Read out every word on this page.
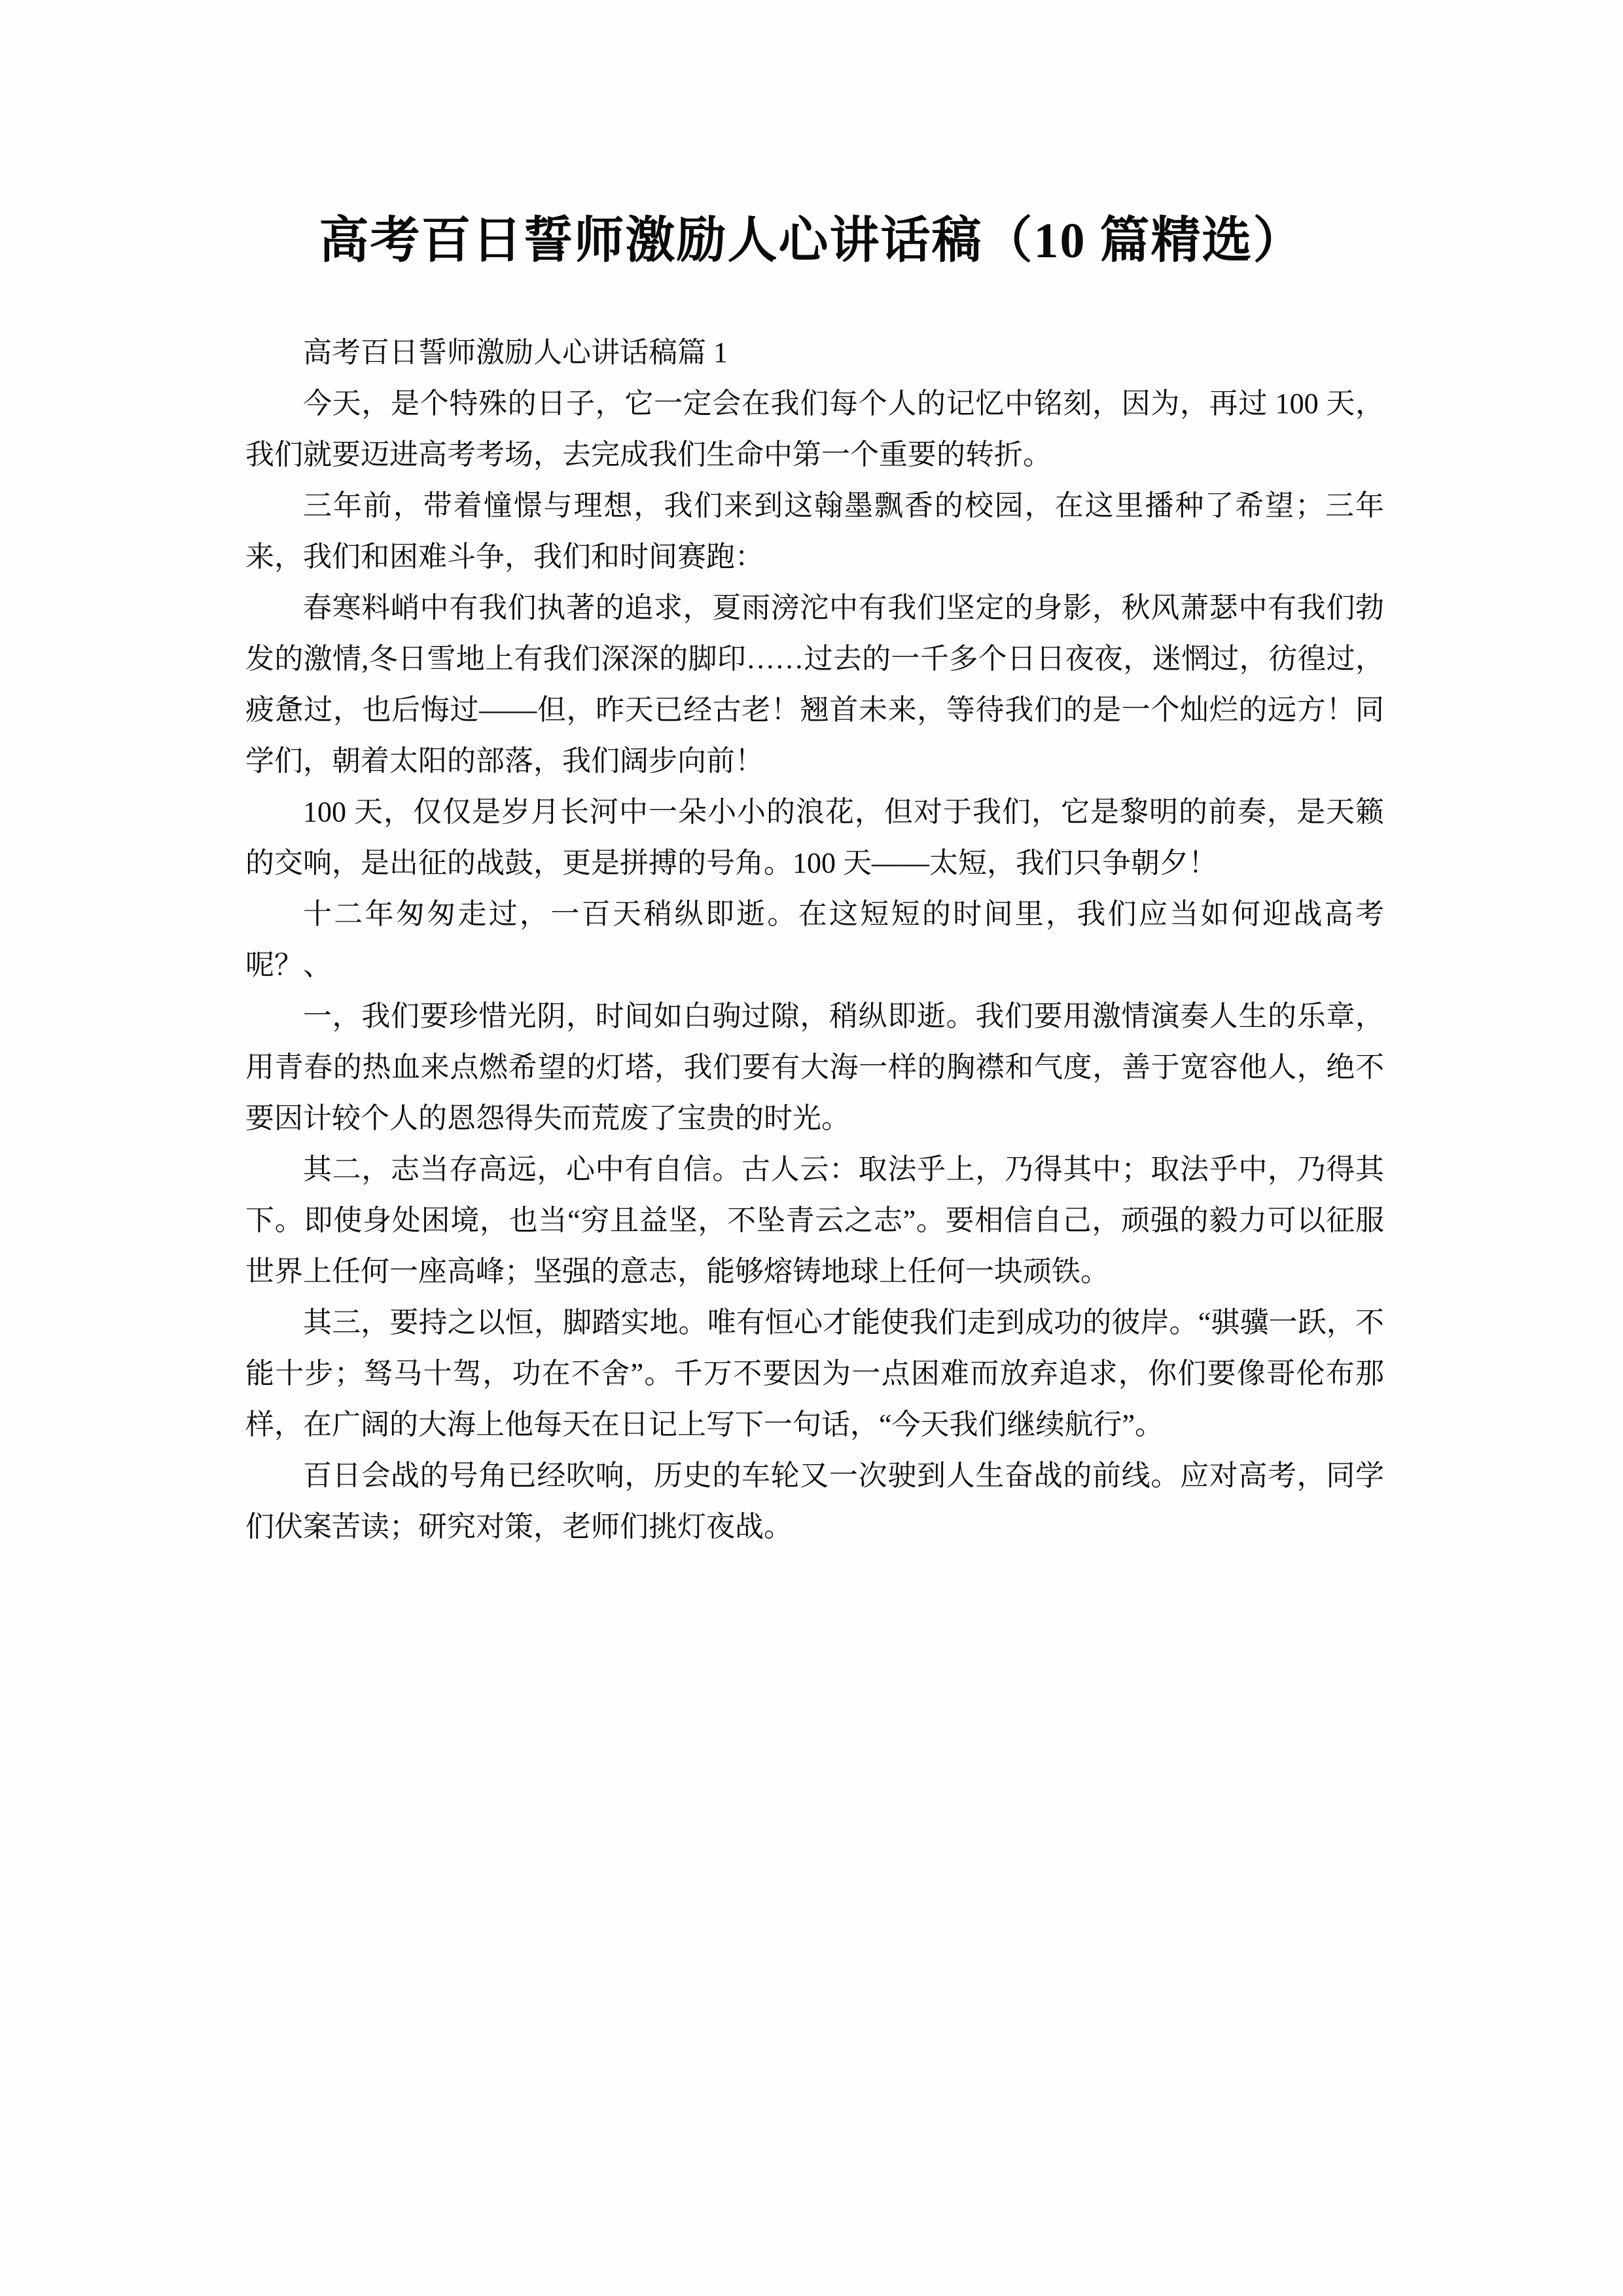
高考百日誓师激励人心讲话稿（10 篇精选）
高考百日誓师激励人心讲话稿篇 1

今天，是个特殊的日子，它一定会在我们每个人的记忆中铭刻，因为，再过 100 天，我们就要迈进高考考场，去完成我们生命中第一个重要的转折。

三年前，带着憧憬与理想，我们来到这翰墨飘香的校园，在这里播种了希望；三年来，我们和困难斗争，我们和时间赛跑：

春寒料峭中有我们执著的追求，夏雨滂沱中有我们坚定的身影，秋风萧瑟中有我们勃发的激情,冬日雪地上有我们深深的脚印……过去的一千多个日日夜夜，迷惘过，彷徨过，疲惫过，也后悔过——但，昨天已经古老！翘首未来，等待我们的是一个灿烂的远方！同学们，朝着太阳的部落，我们阔步向前！

100 天，仅仅是岁月长河中一朵小小的浪花，但对于我们，它是黎明的前奏，是天籁的交响，是出征的战鼓，更是拼搏的号角。100 天——太短，我们只争朝夕！

十二年匆匆走过，一百天稍纵即逝。在这短短的时间里，我们应当如何迎战高考呢？、

一，我们要珍惜光阴，时间如白驹过隙，稍纵即逝。我们要用激情演奏人生的乐章，用青春的热血来点燃希望的灯塔，我们要有大海一样的胸襟和气度，善于宽容他人，绝不要因计较个人的恩怨得失而荒废了宝贵的时光。

其二，志当存高远，心中有自信。古人云：取法乎上，乃得其中；取法乎中，乃得其下。即使身处困境，也当“穷且益坚，不坠青云之志”。要相信自己，顽强的毅力可以征服世界上任何一座高峰；坚强的意志，能够熔铸地球上任何一块顽铁。

其三，要持之以恒，脚踏实地。唯有恒心才能使我们走到成功的彼岸。“骐骥一跃，不能十步；驽马十驾，功在不舍”。千万不要因为一点困难而放弃追求，你们要像哥伦布那样，在广阔的大海上他每天在日记上写下一句话，“今天我们继续航行”。

百日会战的号角已经吹响，历史的车轮又一次驶到人生奋战的前线。应对高考，同学们伏案苦读；研究对策，老师们挑灯夜战。
